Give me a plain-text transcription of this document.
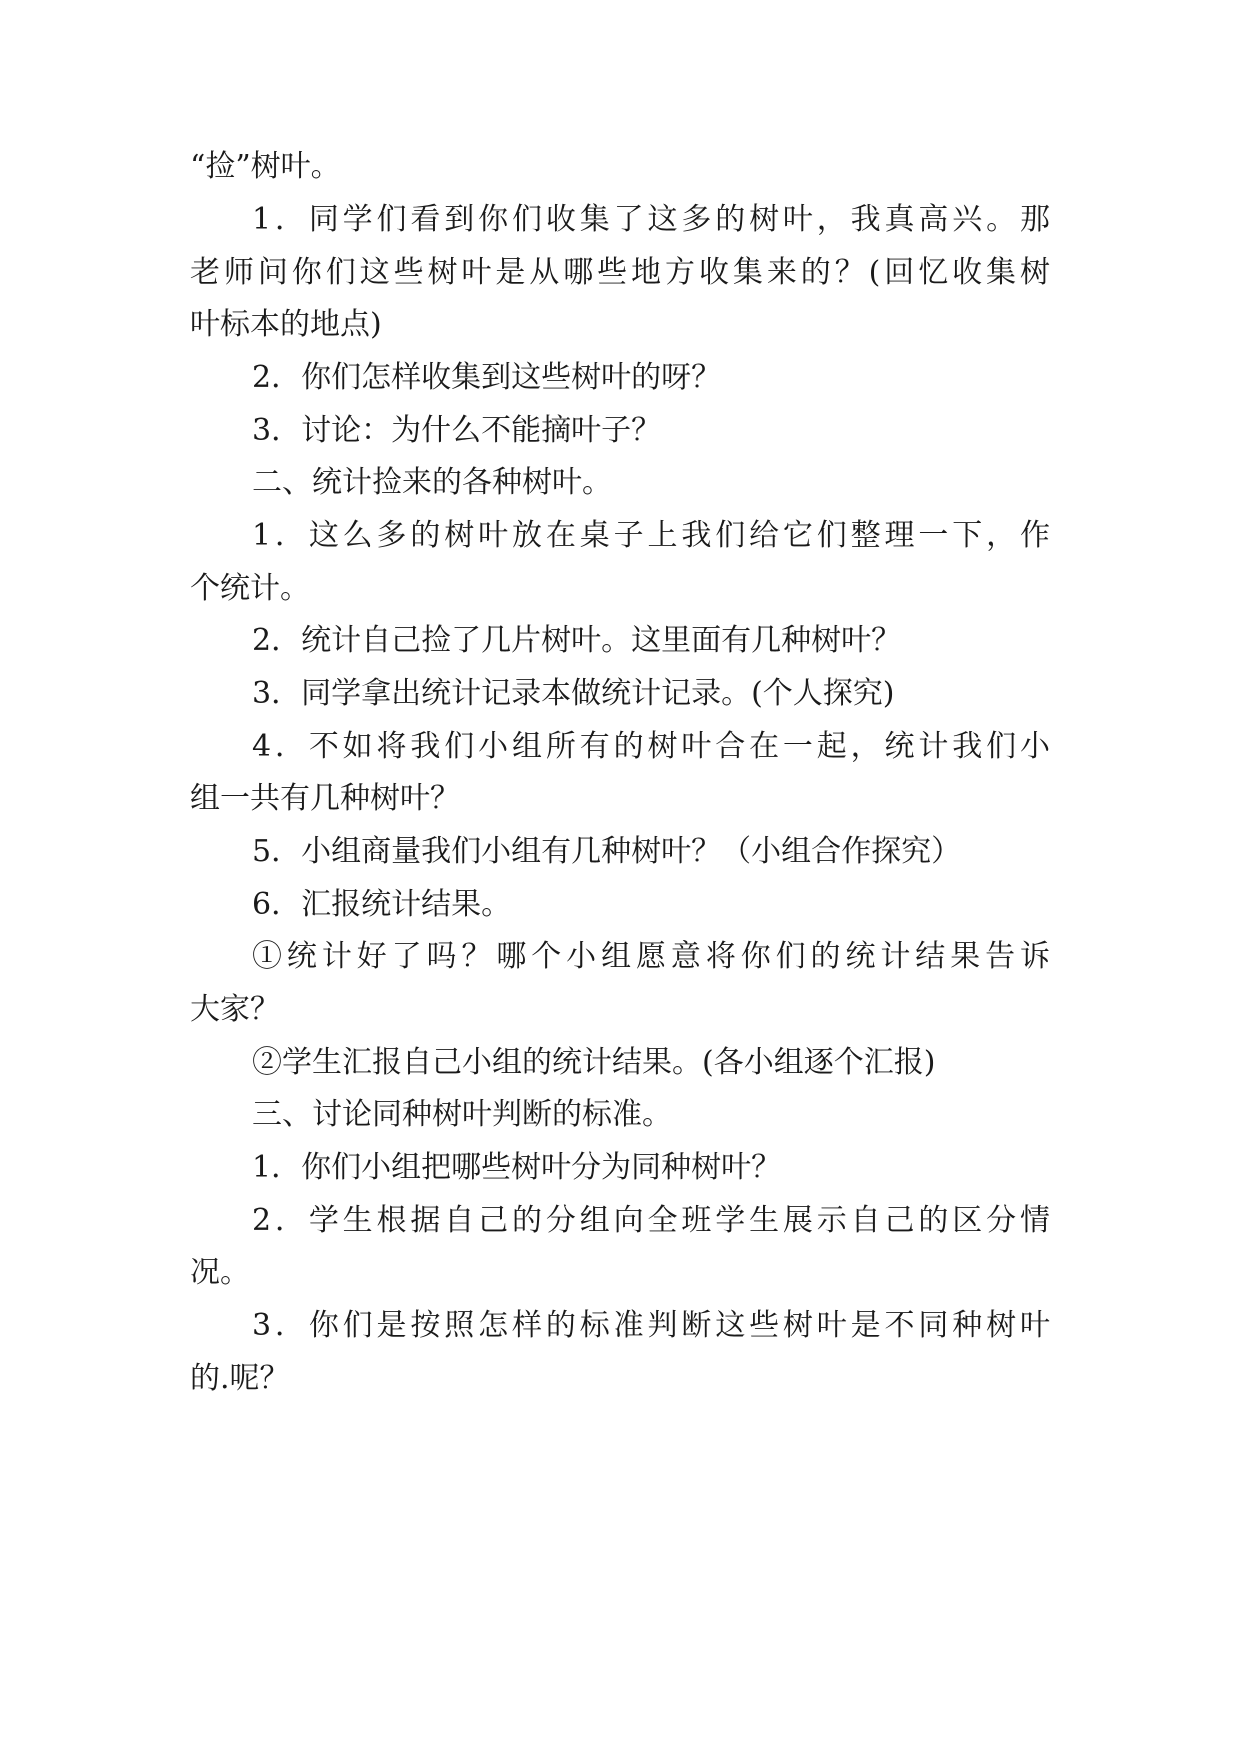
“捡”树叶。
1．同学们看到你们收集了这多的树叶，我真高兴。那
老师问你们这些树叶是从哪些地方收集来的？(回忆收集树
叶标本的地点)
2．你们怎样收集到这些树叶的呀？
3．讨论：为什么不能摘叶子？
二、统计捡来的各种树叶。
1．这么多的树叶放在桌子上我们给它们整理一下，作
个统计。
2．统计自己捡了几片树叶。这里面有几种树叶？
3．同学拿出统计记录本做统计记录。(个人探究)
4．不如将我们小组所有的树叶合在一起，统计我们小
组一共有几种树叶？
5．小组商量我们小组有几种树叶？（小组合作探究）
6．汇报统计结果。
①统计好了吗？哪个小组愿意将你们的统计结果告诉
大家？
②学生汇报自己小组的统计结果。(各小组逐个汇报)
三、讨论同种树叶判断的标准。
1．你们小组把哪些树叶分为同种树叶？
2．学生根据自己的分组向全班学生展示自己的区分情
况。
3．你们是按照怎样的标准判断这些树叶是不同种树叶
的.呢？
